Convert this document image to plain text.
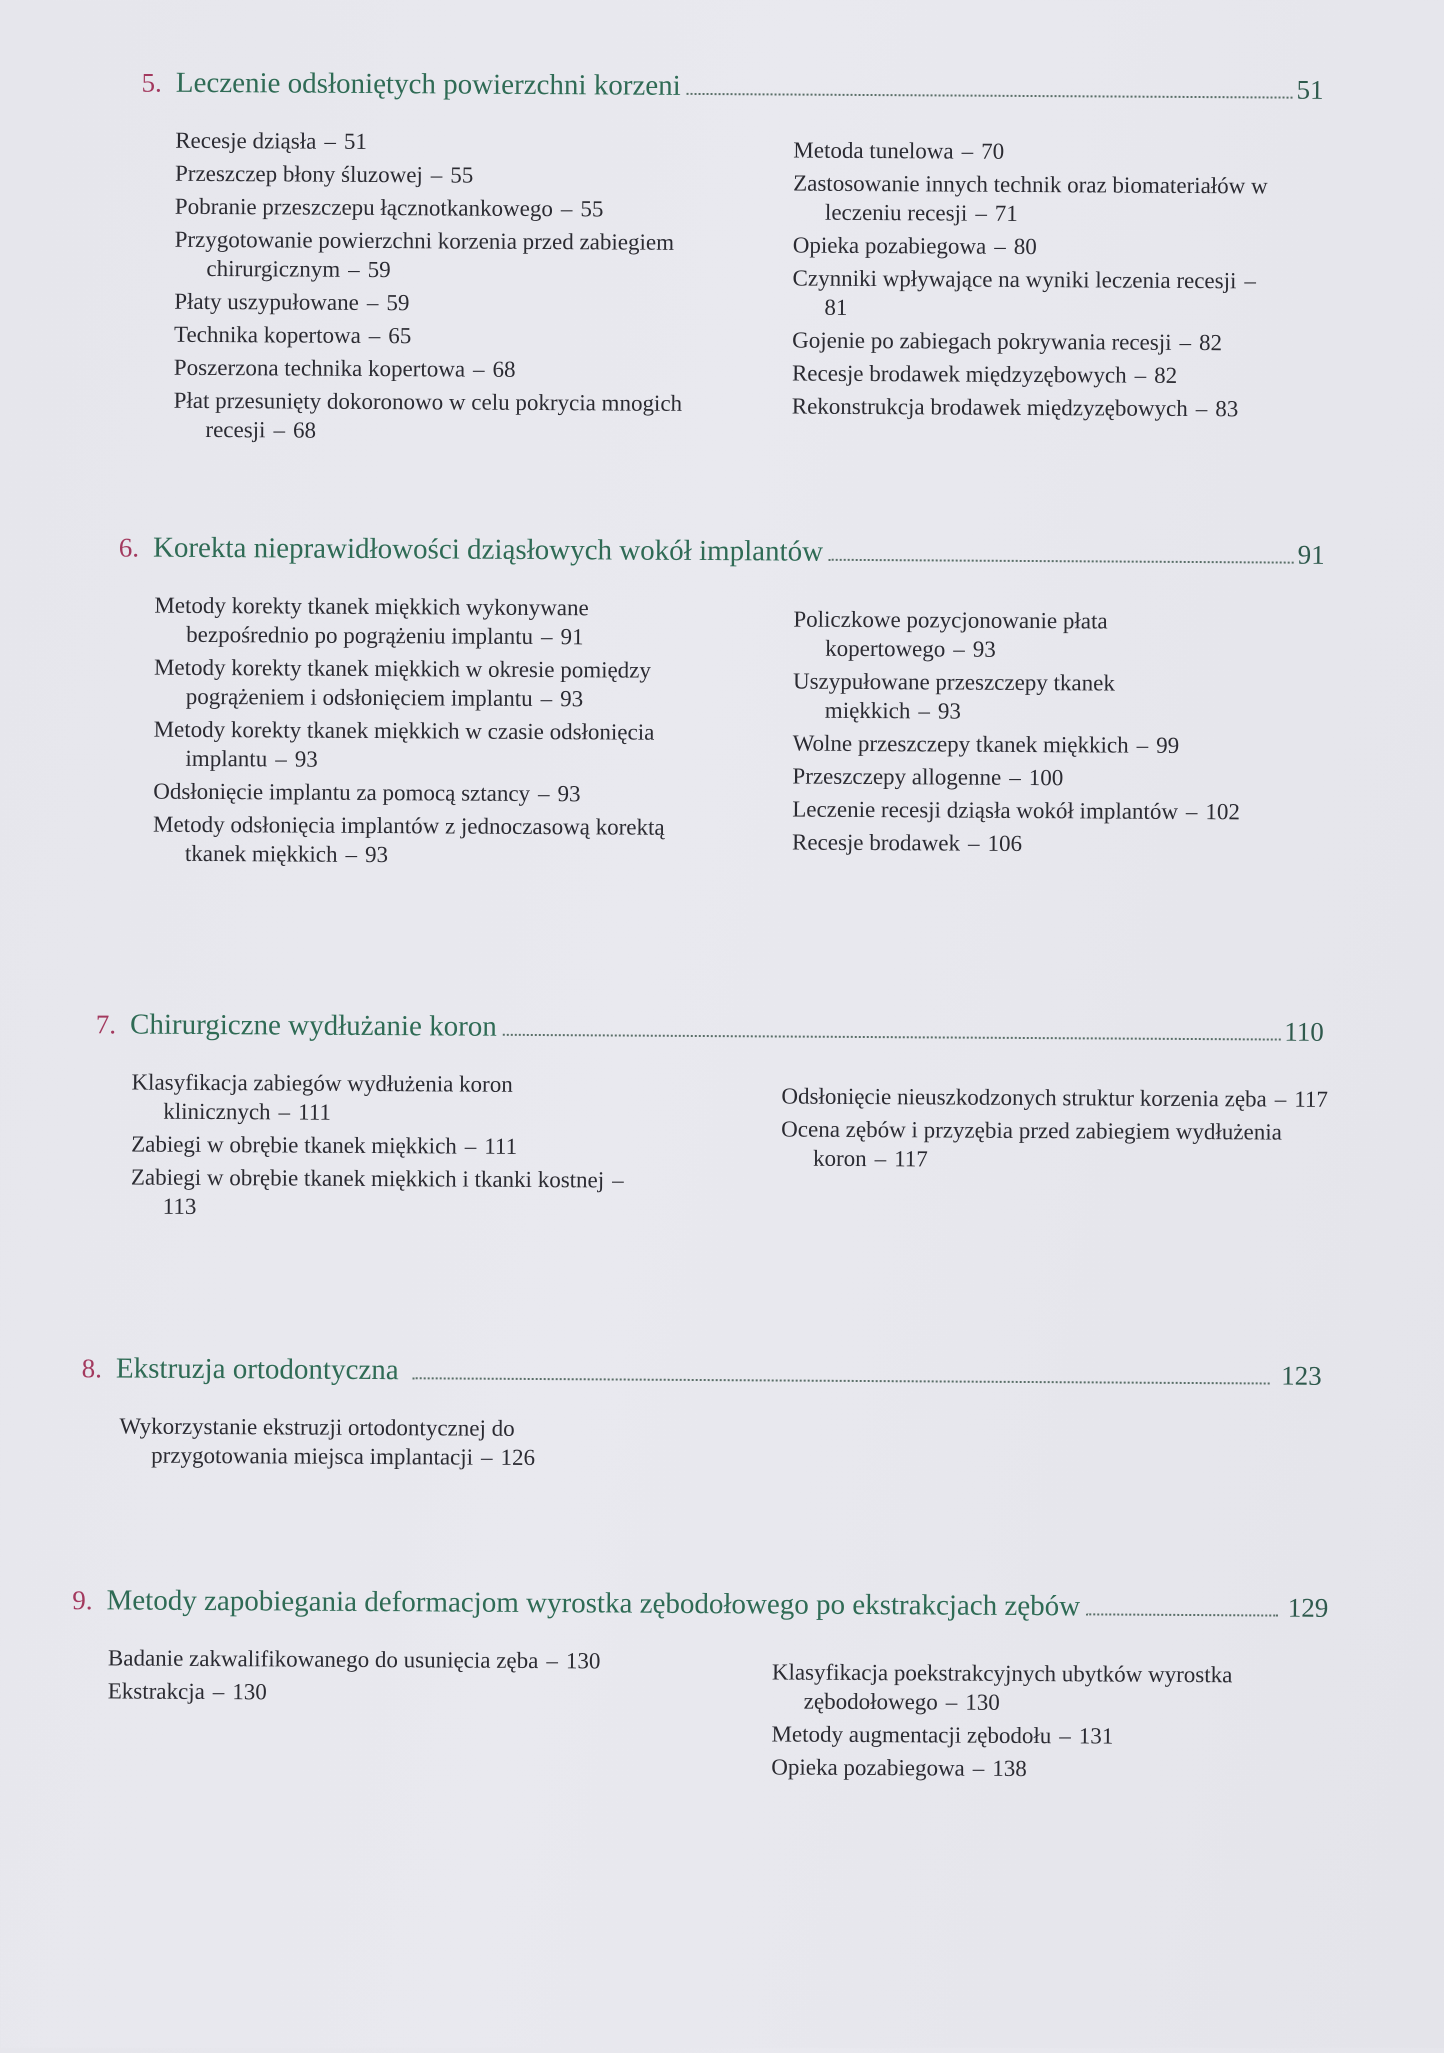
5. Leczenie odsłoniętych powierzchni korzeni	51
Recesje dziąsła – 51
Przeszczep błony śluzowej – 55
Pobranie przeszczepu łącznotkankowego – 55
Przygotowanie powierzchni korzenia przed zabiegiem chirurgicznym – 59
Płaty uszypułowane – 59
Technika kopertowa – 65
Poszerzona technika kopertowa – 68
Płat przesunięty dokoronowo w celu pokrycia mnogich recesji – 68
Metoda tunelowa – 70
Zastosowanie innych technik oraz biomateriałów w leczeniu recesji – 71
Opieka pozabiegowa – 80
Czynniki wpływające na wyniki leczenia recesji –81
Gojenie po zabiegach pokrywania recesji – 82
Recesje brodawek międzyzębowych – 82
Rekonstrukcja brodawek międzyzębowych – 83
6. Korekta nieprawidłowości dziąsłowych wokół implantów	91
Metody korekty tkanek miękkich wykonywane bezpośrednio po pogrążeniu implantu – 91
Metody korekty tkanek miękkich w okresie pomiędzy pogrążeniem i odsłonięciem implantu – 93
Metody korekty tkanek miękkich w czasie odsłonięcia implantu – 93
Odsłonięcie implantu za pomocą sztancy – 93
Metody odsłonięcia implantów z jednoczasową korektą tkanek miękkich – 93
Policzkowe pozycjonowanie płata kopertowego – 93
Uszypułowane przeszczepy tkanek miękkich – 93
Wolne przeszczepy tkanek miękkich – 99
Przeszczepy allogenne – 100
Leczenie recesji dziąsła wokół implantów – 102
Recesje brodawek – 106
7. Chirurgiczne wydłużanie koron	110
Klasyfikacja zabiegów wydłużenia koron klinicznych – 111
Zabiegi w obrębie tkanek miękkich – 111
Zabiegi w obrębie tkanek miękkich i tkanki kostnej –113
Odsłonięcie nieuszkodzonych struktur korzenia zęba – 117
Ocena zębów i przyzębia przed zabiegiem wydłużenia koron – 117
8. Ekstruzja ortodontyczna	123
Wykorzystanie ekstruzji ortodontycznej do przygotowania miejsca implantacji – 126
9. Metody zapobiegania deformacjom wyrostka zębodołowego po ekstrakcjach zębów	129
Badanie zakwalifikowanego do usunięcia zęba – 130
Ekstrakcja – 130
Klasyfikacja poekstrakcyjnych ubytków wyrostka zębodołowego – 130
Metody augmentacji zębodołu – 131
Opieka pozabiegowa – 138
